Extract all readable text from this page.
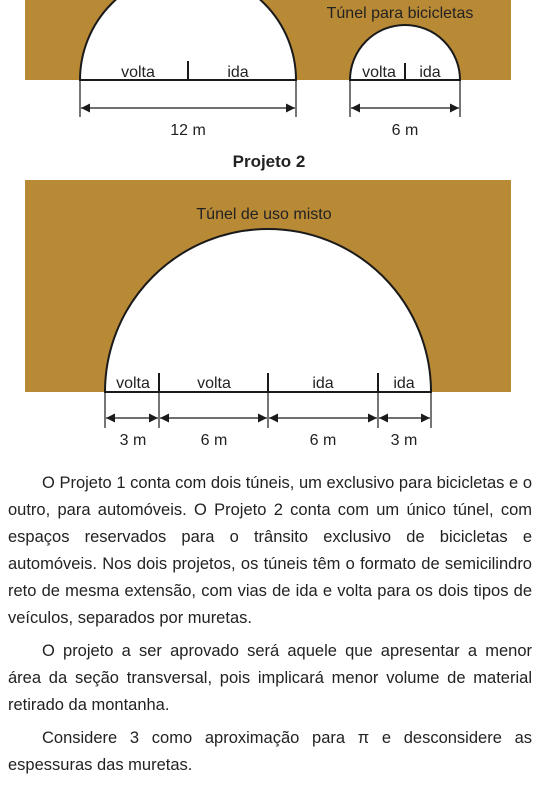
Túnel para bicicletas
volta	ida	volta ida
12 m	6 m
Projeto 2
Túnel de uso misto
volta	volta	ida	ida
3 m	6 m	6 m	3 m

O Projeto 1 conta com dois túneis, um exclusivo para bicicletas e o outro, para automóveis. O Projeto 2 conta com um único túnel, com espaços reservados para o trânsito exclusivo de bicicletas e automóveis. Nos dois projetos, os túneis têm o formato de semicilindro reto de mesma extensão, com vias de ida e volta para os dois tipos de veículos, separados por muretas.

O projeto a ser aprovado será aquele que apresentar a menor área da seção transversal, pois implicará menor volume de material retirado da montanha.

Considere 3 como aproximação para π e desconsidere as espessuras das muretas.
